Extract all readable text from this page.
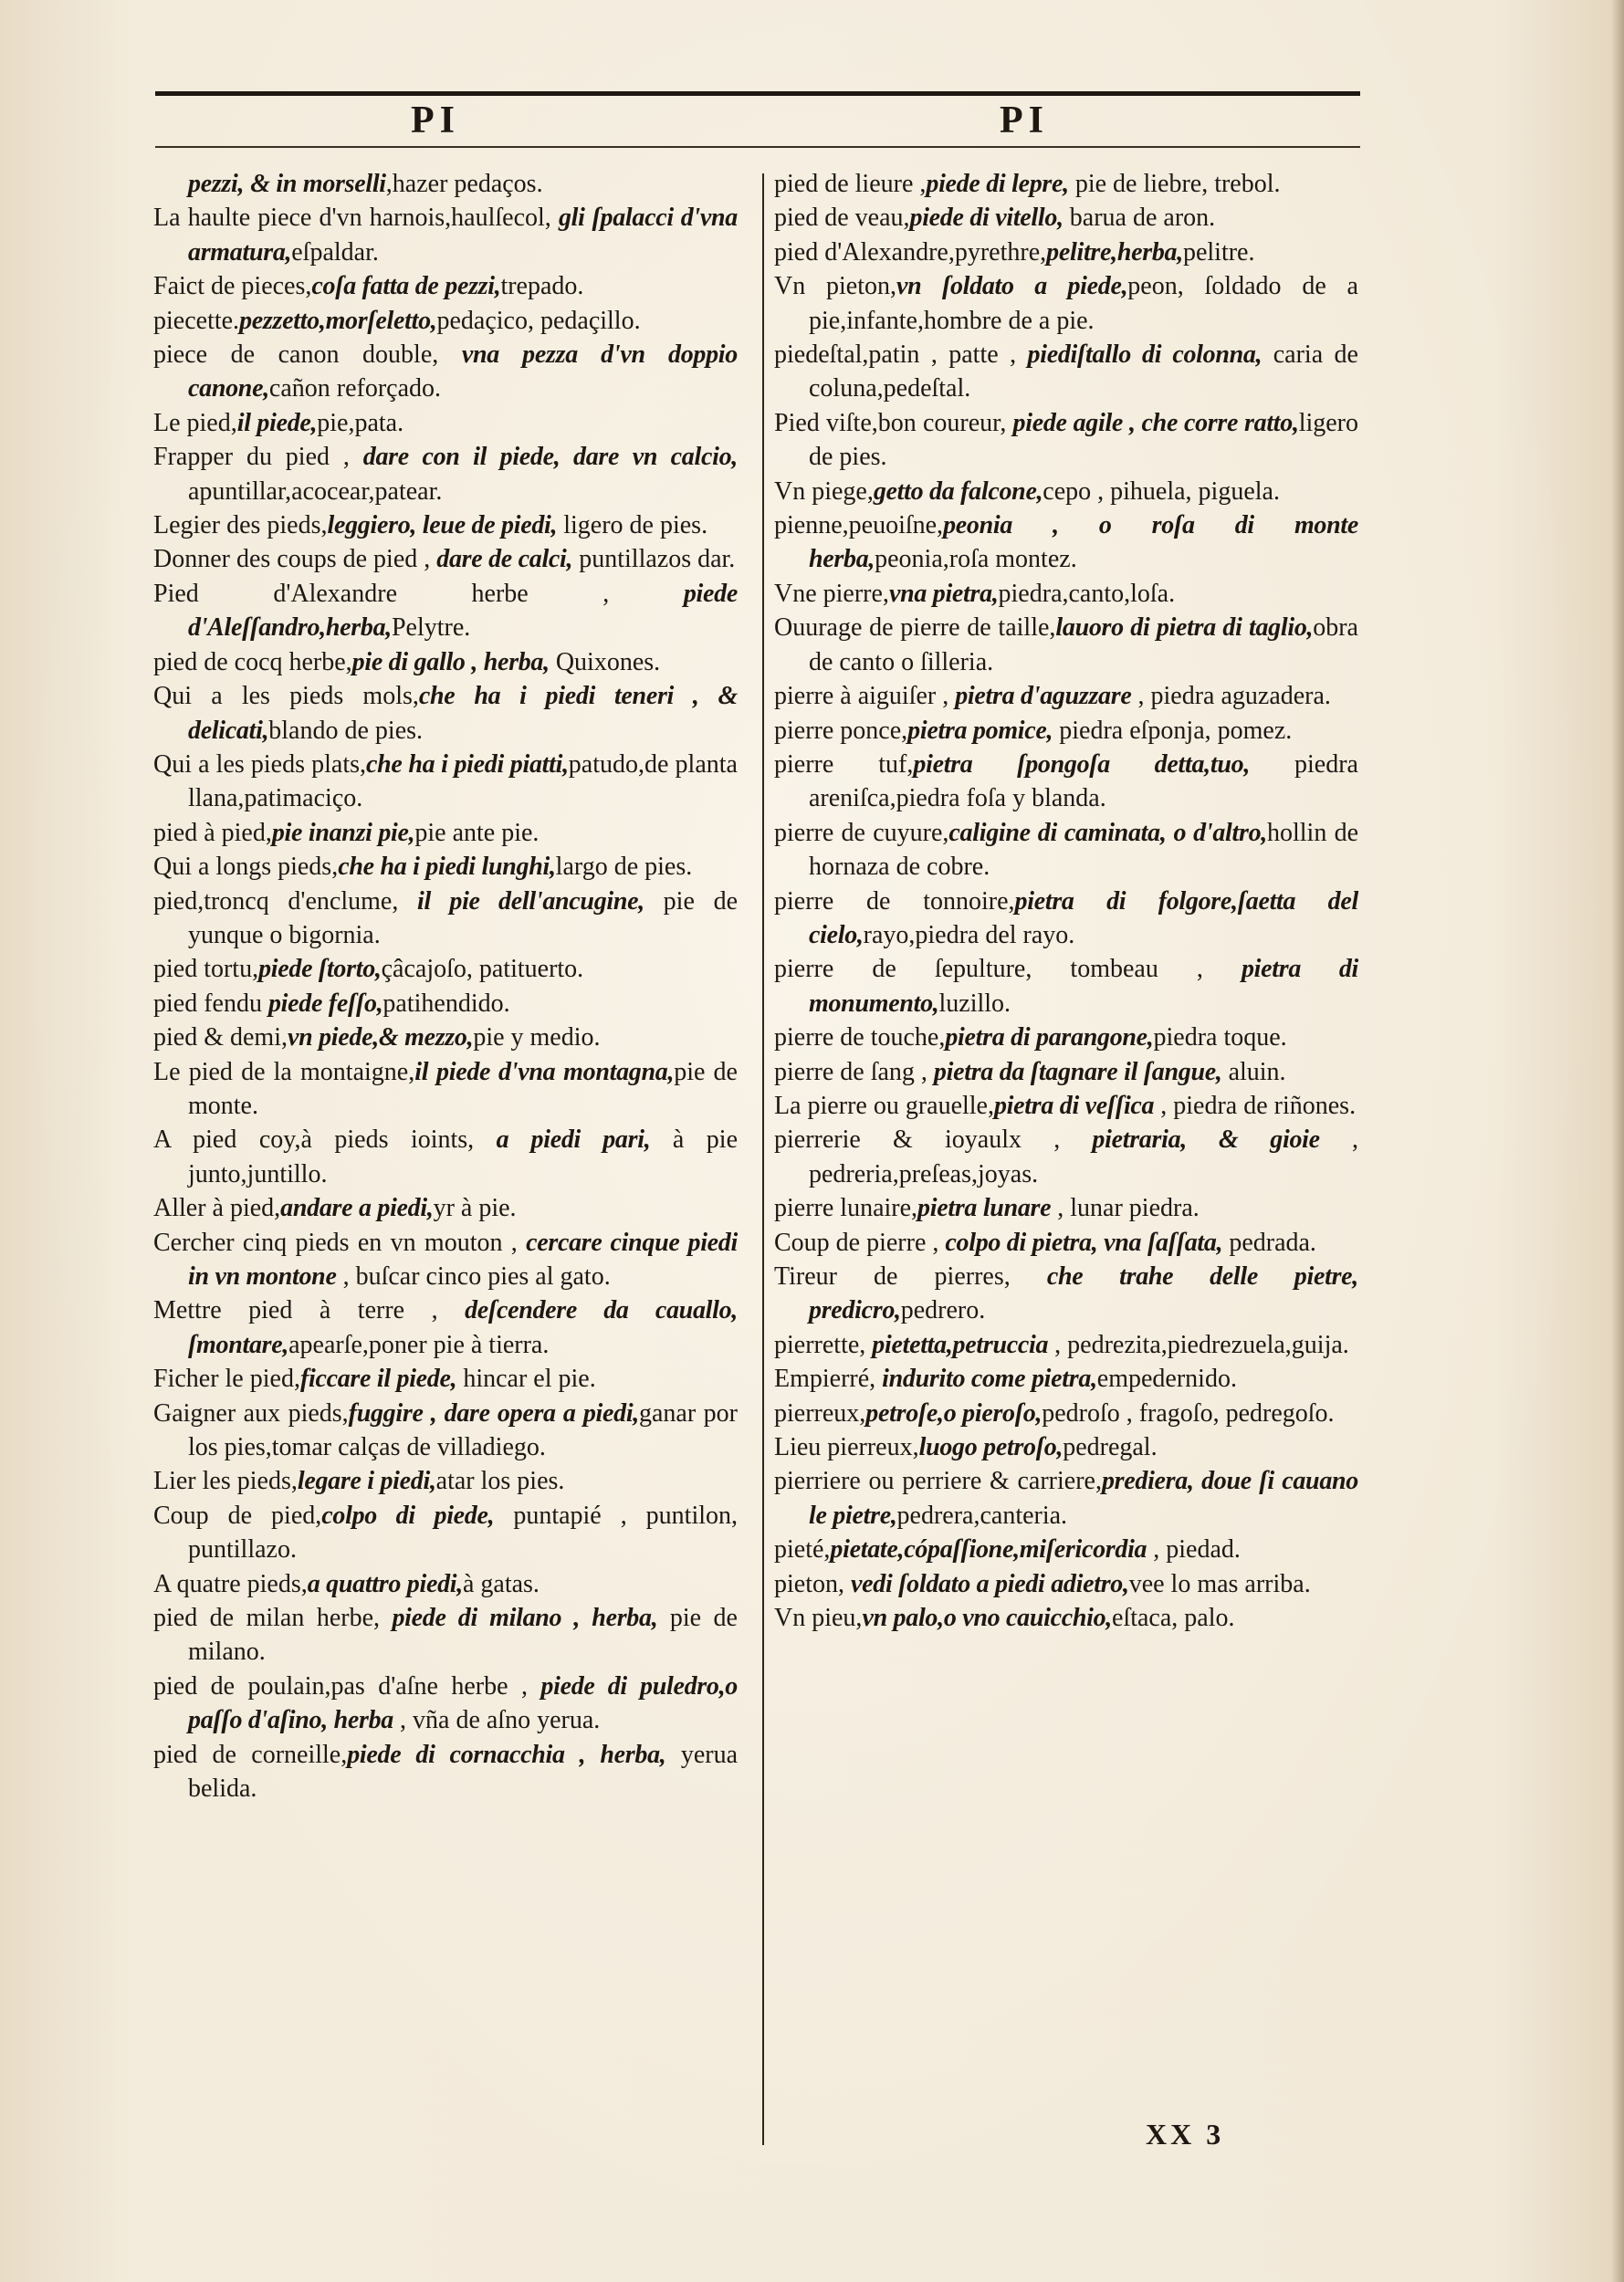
PI	PI

pezzi, & in morselli,hazer pedaços.

La haulte piece d'vn harnois,haulſecol, gli ſpalacci d'vna armatura,eſpaldar.

Faict de pieces,coſa fatta de pezzi,trepado.

piecette.pezzetto,morſeletto,pedaçico, pedaçillo.

piece de canon double, vna pezza d'vn doppio canone,cañon reforçado.

Le pied,il piede,pie,pata.

Frapper du pied , dare con il piede, dare vn calcio, apuntillar,acocear,patear.

Legier des pieds,leggiero, leue de piedi, ligero de pies.

Donner des coups de pied , dare de calci, puntillazos dar.

Pied d'Alexandre herbe , piede d'Aleſſandro,herba,Pelytre.

pied de cocq herbe,pie di gallo , herba, Quixones.

Qui a les pieds mols,che ha i piedi teneri , & delicati,blando de pies.

Qui a les pieds plats,che ha i piedi piatti,patudo,de planta llana,patimaciço.

pied à pied,pie inanzi pie,pie ante pie.

Qui a longs pieds,che ha i piedi lunghi,largo de pies.

pied,troncq d'enclume, il pie dell'ancugine, pie de yunque o bigornia.

pied tortu,piede ſtorto,çâcajoſo, patituerto.

pied fendu piede feſſo,patihendido.

pied & demi,vn piede,& mezzo,pie y medio.

Le pied de la montaigne,il piede d'vna montagna,pie de monte.

A pied coy,à pieds ioints, a piedi pari, à pie junto,juntillo.

Aller à pied,andare a piedi,yr à pie.

Cercher cinq pieds en vn mouton , cercare cinque piedi in vn montone , buſcar cinco pies al gato.

Mettre pied à terre , deſcendere da cauallo, ſmontare,apearſe,poner pie à tierra.

Ficher le pied,ficcare il piede, hincar el pie.

Gaigner aux pieds,fuggire , dare opera a piedi,ganar por los pies,tomar calças de villadiego.

Lier les pieds,legare i piedi,atar los pies.

Coup de pied,colpo di piede, puntapié , puntilon, puntillazo.

A quatre pieds,a quattro piedi,à gatas.

pied de milan herbe, piede di milano , herba, pie de milano.

pied de poulain,pas d'aſne herbe , piede di puledro,o paſſo d'aſino, herba , vña de aſno yerua.

pied de corneille,piede di cornacchia , herba, yerua belida.

pied de lieure ,piede di lepre, pie de liebre, trebol.

pied de veau,piede di vitello, barua de aron.

pied d'Alexandre,pyrethre,pelitre,herba,pelitre.

Vn pieton,vn ſoldato a piede,peon, ſoldado de a pie,infante,hombre de a pie.

piedeſtal,patin , patte , piediſtallo di colonna, caria de coluna,pedeſtal.

Pied viſte,bon coureur, piede agile , che corre ratto,ligero de pies.

Vn piege,getto da falcone,cepo , pihuela, piguela.

pienne,peuoiſne,peonia , o roſa di monte herba,peonia,roſa montez.

Vne pierre,vna pietra,piedra,canto,loſa.

Ouurage de pierre de taille,lauoro di pietra di taglio,obra de canto o ſilleria.

pierre à aiguiſer , pietra d'aguzzare , piedra aguzadera.

pierre ponce,pietra pomice, piedra eſponja, pomez.

pierre tuf,pietra ſpongoſa detta,tuo, piedra areniſca,piedra foſa y blanda.

pierre de cuyure,caligine di caminata, o d'altro,hollin de hornaza de cobre.

pierre de tonnoire,pietra di folgore,ſaetta del cielo,rayo,piedra del rayo.

pierre de ſepulture, tombeau , pietra di monumento,luzillo.

pierre de touche,pietra di parangone,piedra toque.

pierre de ſang , pietra da ſtagnare il ſangue, aluin.

La pierre ou grauelle,pietra di veſſica , piedra de riñones.

pierrerie & ioyaulx , pietraria, & gioie , pedreria,preſeas,joyas.

pierre lunaire,pietra lunare , lunar piedra.

Coup de pierre , colpo di pietra, vna ſaſſata, pedrada.

Tireur de pierres, che trahe delle pietre, predicro,pedrero.

pierrette, pietetta,petruccia , pedrezita,piedrezuela,guija.

Empierré, indurito come pietra,empedernido.

pierreux,petroſe,o pieroſo,pedroſo , fragoſo, pedregoſo.

Lieu pierreux,luogo petroſo,pedregal.

pierriere ou perriere & carriere,prediera, doue ſi cauano le pietre,pedrera,canteria.

pieté,pietate,cópaſſione,miſericordia , piedad.

pieton, vedi ſoldato a piedi adietro,vee lo mas arriba.

Vn pieu,vn palo,o vno cauicchio,eſtaca, palo.

XX 3
